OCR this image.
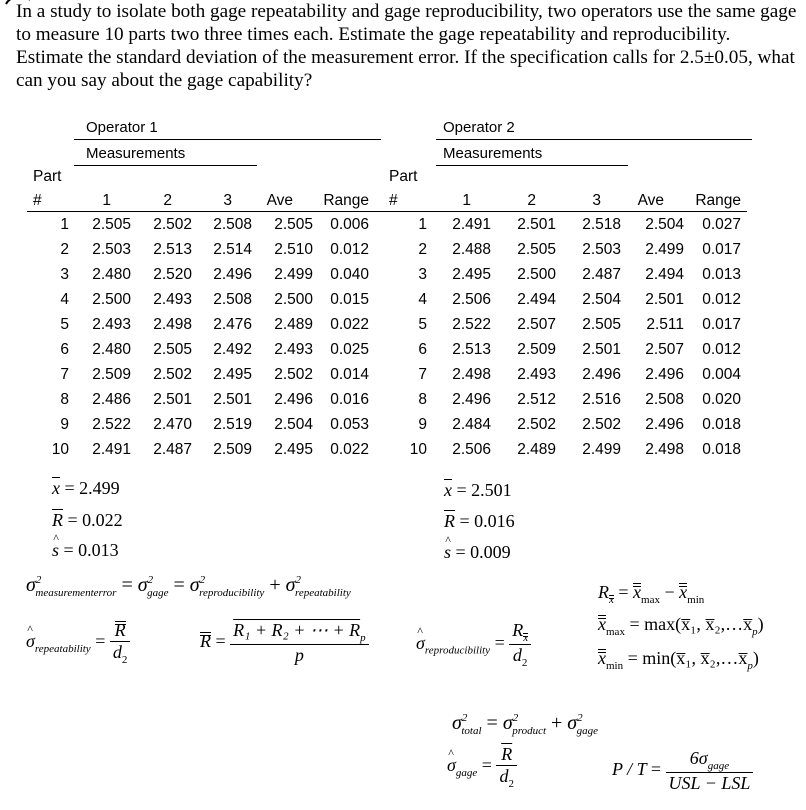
In a study to isolate both gage repeatability and gage reproducibility, two operators use the same gage to measure 10 parts two three times each. Estimate the gage repeatability and reproducibility. Estimate the standard deviation of the measurement error. If the specification calls for 2.5±0.05, what can you say about the gage capability?
Operator 1
Measurements
Part
#	1	2	3	Ave	Range
1	2.505	2.502	2.508	2.505	0.006
2	2.503	2.513	2.514	2.510	0.012
3	2.480	2.520	2.496	2.499	0.040
4	2.500	2.493	2.508	2.500	0.015
5	2.493	2.498	2.476	2.489	0.022
6	2.480	2.505	2.492	2.493	0.025
7	2.509	2.502	2.495	2.502	0.014
8	2.486	2.501	2.501	2.496	0.016
9	2.522	2.470	2.519	2.504	0.053
10	2.491	2.487	2.509	2.495	0.022
Operator 2
Measurements
Part
#	1	2	3	Ave	Range
1	2.491	2.501	2.518	2.504	0.027
2	2.488	2.505	2.503	2.499	0.017
3	2.495	2.500	2.487	2.494	0.013
4	2.506	2.494	2.504	2.501	0.012
5	2.522	2.507	2.505	2.511	0.017
6	2.513	2.509	2.501	2.507	0.012
7	2.498	2.493	2.496	2.496	0.004
8	2.496	2.512	2.516	2.508	0.020
9	2.484	2.502	2.502	2.496	0.018
10	2.506	2.489	2.499	2.498	0.018
$\overline{x} = 2.499$
$\overline{R} = 0.022$
^ s = 0.013
$\overline{x} = 2.501$
$\overline{R} = 0.016$
^ s = 0.009
$\sigma^2_{measurementerror} = \sigma^2_{gage} = \sigma^2_{reproducibility} + \sigma^2_{repeatability}$
^ $\sigma_{repeatability} = \frac{R}{d_2}$	$R = \frac{R_1 + R_2 + \cdots + R_p}{p}$	^ $\sigma_{reproducibility} = \frac{R_x}{d_2}$
$R_x = x_{max} - x_{min}$
$x_{max}$ = max(x̅₁, $x̅_2,\dots x̅_p$)
$x_{min}$ = min(x̅₁, $x̅_2,\dots x̅_p$)
$\sigma^2_{total} = \sigma^2_{product} + \sigma^2_{gage}$
^ $\sigma_{gage} = \frac{\overline{R}}{d_2}$	$P / T = \frac{6\sigma_{gage}}{\text{USL − LSL}}$
